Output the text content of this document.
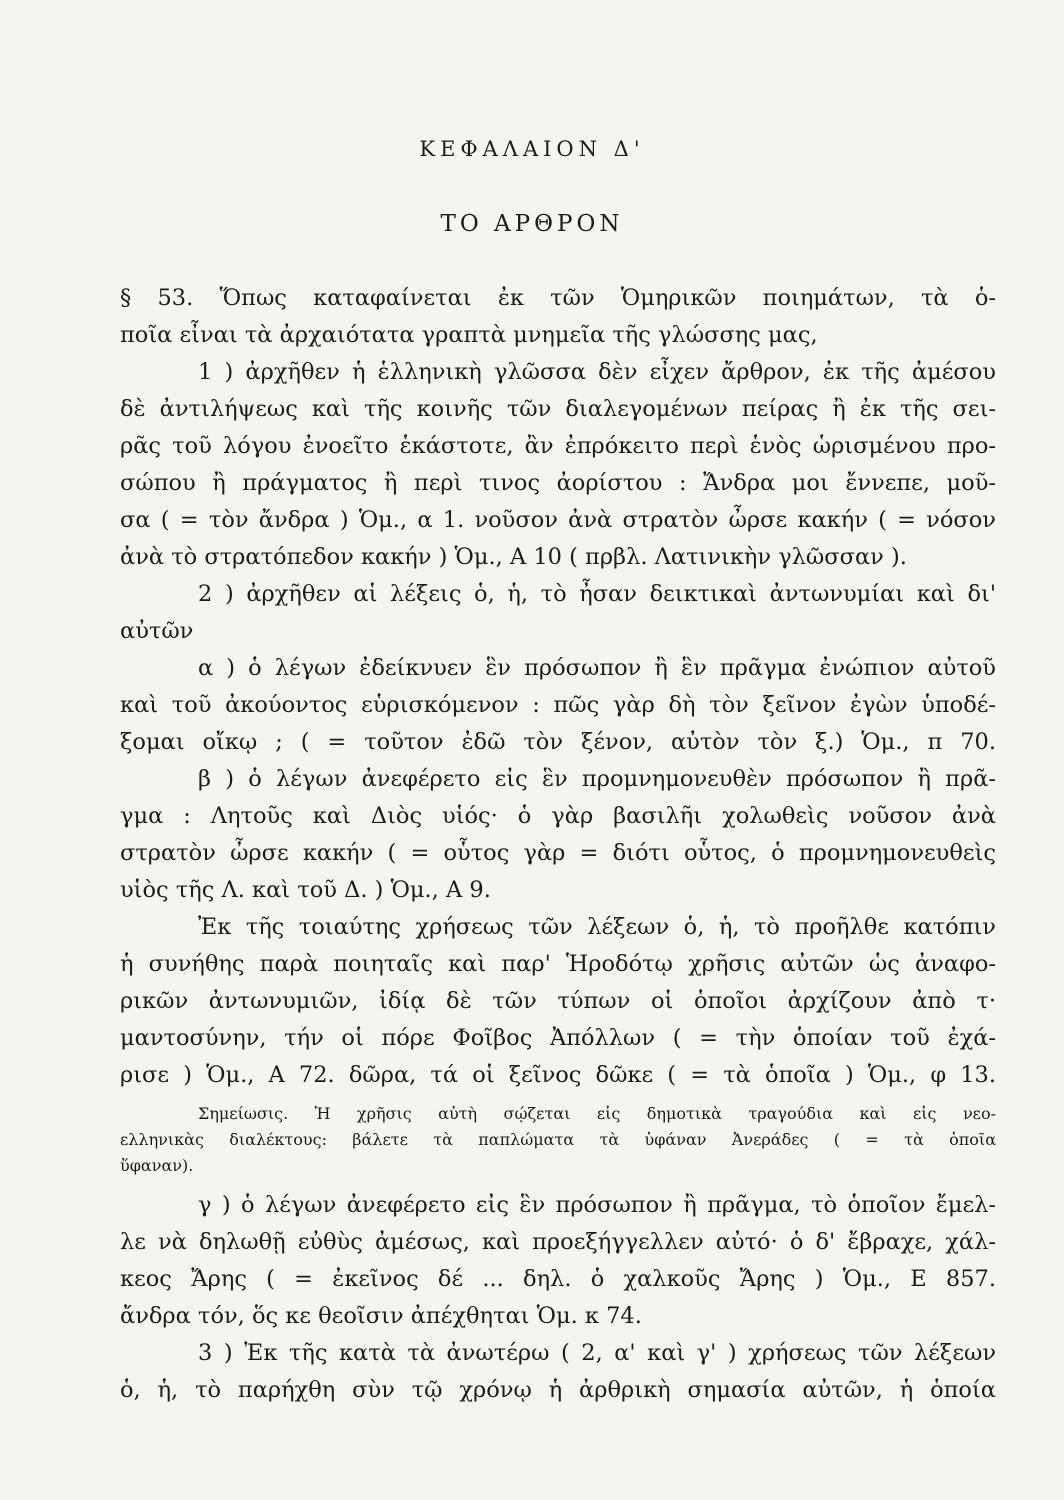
ΚΕΦΑΛΑΙΟΝ Δ'
ΤΟ ΑΡΘΡΟΝ
§ 53. Ὅπως καταφαίνεται ἐκ τῶν Ὁμηρικῶν ποιημάτων, τὰ ὁ-
ποῖα εἶναι τὰ ἀρχαιότατα γραπτὰ μνημεῖα τῆς γλώσσης μας,
1 ) ἀρχῆθεν ἡ ἑλληνικὴ γλῶσσα δὲν εἶχεν ἄρθρον, ἐκ τῆς ἀμέσου
δὲ ἀντιλήψεως καὶ τῆς κοινῆς τῶν διαλεγομένων πείρας ἢ ἐκ τῆς σει-
ρᾶς τοῦ λόγου ἐνοεῖτο ἑκάστοτε, ἂν ἐπρόκειτο περὶ ἑνὸς ὡρισμένου προ-
σώπου ἢ πράγματος ἢ περὶ τινος ἀορίστου : Ἄνδρα μοι ἔννεπε, μοῦ-
σα ( = τὸν ἄνδρα ) Ὁμ., α 1. νοῦσον ἀνὰ στρατὸν ὦρσε κακήν ( = νόσον
ἀνὰ τὸ στρατόπεδον κακήν ) Ὁμ., Α 10 ( πρβλ. Λατινικὴν γλῶσσαν ).
2 ) ἀρχῆθεν αἱ λέξεις ὁ, ἡ, τὸ ἦσαν δεικτικαὶ ἀντωνυμίαι καὶ δι'
αὐτῶν
α ) ὁ λέγων ἐδείκνυεν ἓν πρόσωπον ἢ ἓν πρᾶγμα ἐνώπιον αὐτοῦ
καὶ τοῦ ἀκούοντος εὑρισκόμενον : πῶς γὰρ δὴ τὸν ξεῖνον ἐγὼν ὑποδέ-
ξομαι οἴκῳ ; ( = τοῦτον ἐδῶ τὸν ξένον, αὐτὸν τὸν ξ.) Ὁμ., π 70.
β ) ὁ λέγων ἀνεφέρετο εἰς ἓν προμνημονευθὲν πρόσωπον ἢ πρᾶ-
γμα : Λητοῦς καὶ Διὸς υἱός· ὁ γὰρ βασιλῆι χολωθεὶς νοῦσον ἀνὰ
στρατὸν ὦρσε κακήν ( = οὗτος γὰρ = διότι οὗτος, ὁ προμνημονευθεὶς
υἱὸς τῆς Λ. καὶ τοῦ Δ. ) Ὁμ., Α 9.
Ἐκ τῆς τοιαύτης χρήσεως τῶν λέξεων ὁ, ἡ, τὸ προῆλθε κατόπιν
ἡ συνήθης παρὰ ποιηταῖς καὶ παρ' Ἡροδότῳ χρῆσις αὐτῶν ὡς ἀναφο-
ρικῶν ἀντωνυμιῶν, ἰδίᾳ δὲ τῶν τύπων οἱ ὁποῖοι ἀρχίζουν ἀπὸ τ·
μαντοσύνην, τήν οἱ πόρε Φοῖβος Ἀπόλλων ( = τὴν ὁποίαν τοῦ ἐχά-
ρισε ) Ὁμ., Α 72. δῶρα, τά οἱ ξεῖνος δῶκε ( = τὰ ὁποῖα ) Ὁμ., φ 13.
Σημείωσις. Ἡ χρῆσις αὐτὴ σῴζεται εἰς δημοτικὰ τραγούδια καὶ εἰς νεο-
ελληνικὰς διαλέκτους: βάλετε τὰ παπλώματα τὰ ὑφάναν Ἀνεράδες ( = τὰ ὁποῖα
ὕφαναν).
γ ) ὁ λέγων ἀνεφέρετο εἰς ἓν πρόσωπον ἢ πρᾶγμα, τὸ ὁποῖον ἔμελ-
λε νὰ δηλωθῇ εὐθὺς ἀμέσως, καὶ προεξήγγελλεν αὐτό· ὁ δ' ἔβραχε, χάλ-
κεος Ἄρης ( = ἐκεῖνος δέ ... δηλ. ὁ χαλκοῦς Ἄρης ) Ὁμ., Ε 857.
ἄνδρα τόν, ὅς κε θεοῖσιν ἀπέχθηται Ὁμ. κ 74.
3 ) Ἐκ τῆς κατὰ τὰ ἀνωτέρω ( 2, α' καὶ γ' ) χρήσεως τῶν λέξεων
ὁ, ἡ, τὸ παρήχθη σὺν τῷ χρόνῳ ἡ ἀρθρικὴ σημασία αὐτῶν, ἡ ὁποία
